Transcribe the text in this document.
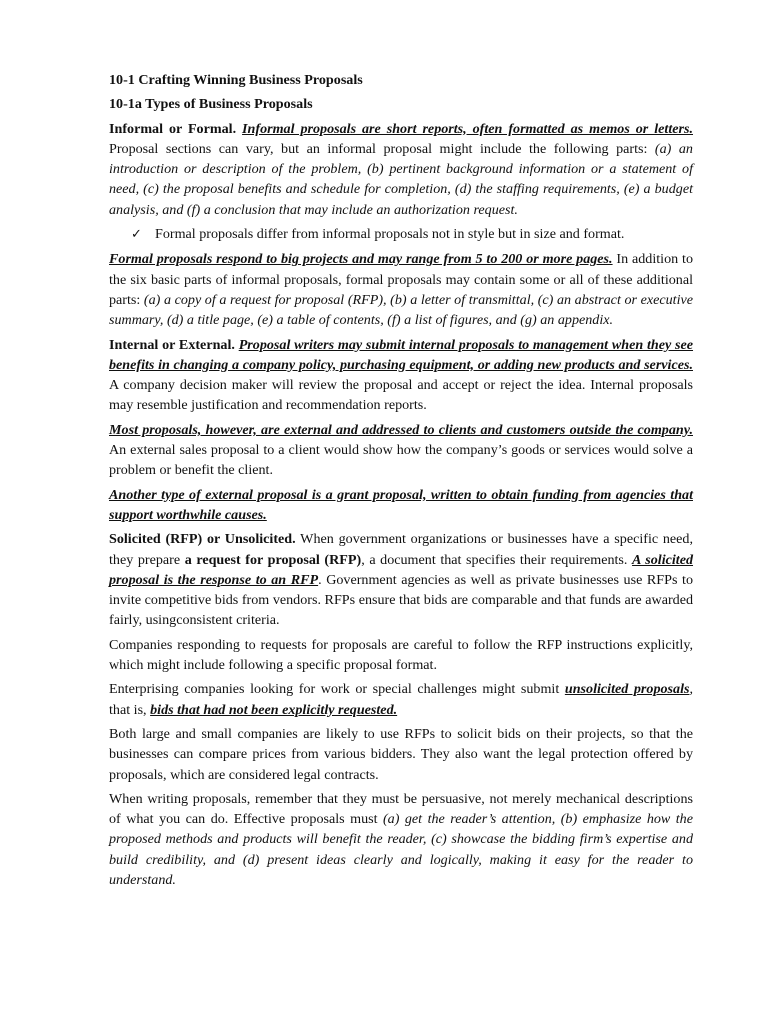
10-1 Crafting Winning Business Proposals
10-1a Types of Business Proposals

Informal or Formal. Informal proposals are short reports, often formatted as memos or letters. Proposal sections can vary, but an informal proposal might include the following parts: (a) an introduction or description of the problem, (b) pertinent background information or a statement of need, (c) the proposal benefits and schedule for completion, (d) the staffing requirements, (e) a budget analysis, and (f) a conclusion that may include an authorization request.

✓ Formal proposals differ from informal proposals not in style but in size and format.

Formal proposals respond to big projects and may range from 5 to 200 or more pages. In addition to the six basic parts of informal proposals, formal proposals may contain some or all of these additional parts: (a) a copy of a request for proposal (RFP), (b) a letter of transmittal, (c) an abstract or executive summary, (d) a title page, (e) a table of contents, (f) a list of figures, and (g) an appendix.

Internal or External. Proposal writers may submit internal proposals to management when they see benefits in changing a company policy, purchasing equipment, or adding new products and services. A company decision maker will review the proposal and accept or reject the idea. Internal proposals may resemble justification and recommendation reports.

Most proposals, however, are external and addressed to clients and customers outside the company. An external sales proposal to a client would show how the company’s goods or services would solve a problem or benefit the client.

Another type of external proposal is a grant proposal, written to obtain funding from agencies that support worthwhile causes.

Solicited (RFP) or Unsolicited. When government organizations or businesses have a specific need, they prepare a request for proposal (RFP), a document that specifies their requirements. A solicited proposal is the response to an RFP. Government agencies as well as private businesses use RFPs to invite competitive bids from vendors. RFPs ensure that bids are comparable and that funds are awarded fairly, usingconsistent criteria.

Companies responding to requests for proposals are careful to follow the RFP instructions explicitly, which might include following a specific proposal format.

Enterprising companies looking for work or special challenges might submit unsolicited proposals, that is, bids that had not been explicitly requested.

Both large and small companies are likely to use RFPs to solicit bids on their projects, so that the businesses can compare prices from various bidders. They also want the legal protection offered by proposals, which are considered legal contracts.

When writing proposals, remember that they must be persuasive, not merely mechanical descriptions of what you can do. Effective proposals must (a) get the reader’s attention, (b) emphasize how the proposed methods and products will benefit the reader, (c) showcase the bidding firm’s expertise and build credibility, and (d) present ideas clearly and logically, making it easy for the reader to understand.
